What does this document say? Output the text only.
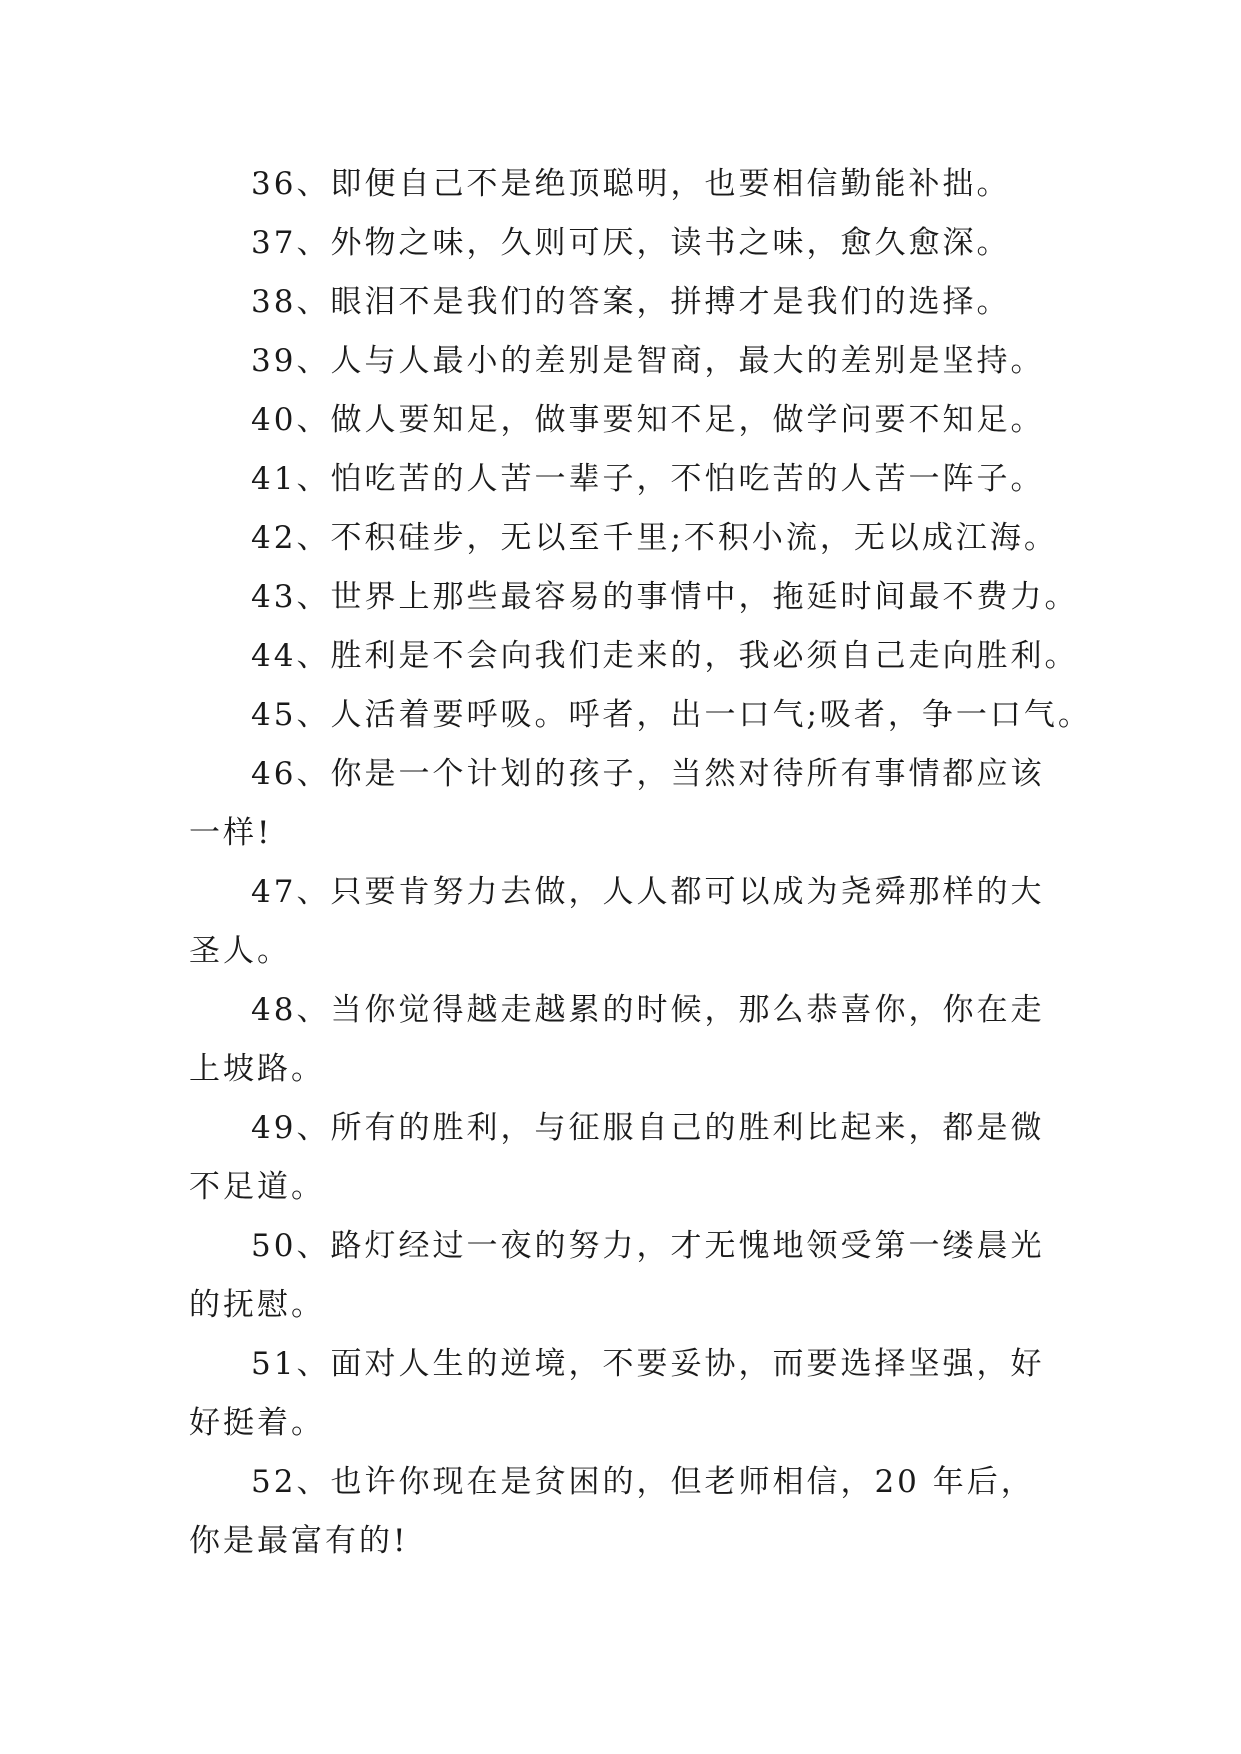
36、即便自己不是绝顶聪明，也要相信勤能补拙。

37、外物之味，久则可厌，读书之味，愈久愈深。

38、眼泪不是我们的答案，拼搏才是我们的选择。

39、人与人最小的差别是智商，最大的差别是坚持。

40、做人要知足，做事要知不足，做学问要不知足。

41、怕吃苦的人苦一辈子，不怕吃苦的人苦一阵子。

42、不积硅步，无以至千里;不积小流，无以成江海。

43、世界上那些最容易的事情中，拖延时间最不费力。

44、胜利是不会向我们走来的，我必须自己走向胜利。

45、人活着要呼吸。呼者，出一口气;吸者，争一口气。

46、你是一个计划的孩子，当然对待所有事情都应该一样!

47、只要肯努力去做，人人都可以成为尧舜那样的大圣人。

48、当你觉得越走越累的时候，那么恭喜你，你在走上坡路。

49、所有的胜利，与征服自己的胜利比起来，都是微不足道。

50、路灯经过一夜的努力，才无愧地领受第一缕晨光的抚慰。

51、面对人生的逆境，不要妥协，而要选择坚强，好好挺着。

52、也许你现在是贫困的，但老师相信，20 年后，你是最富有的!
